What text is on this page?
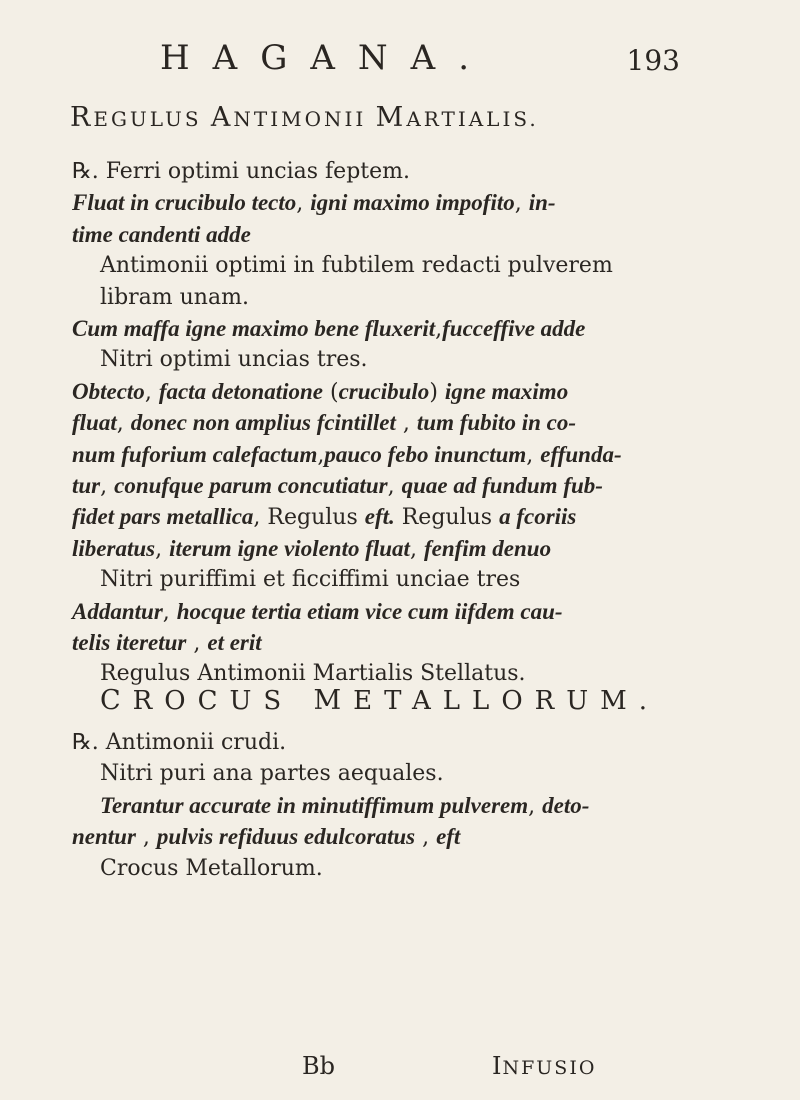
HAGANA.	193
REGULUS ANTIMONII MARTIALIS.
℞. Ferri optimi uncias feptem.
Fluat in crucibulo tecto, igni maximo impofito, in-
time candenti adde
Antimonii optimi in fubtilem redacti pulverem
libram unam.
Cum maffa igne maximo bene fluxerit,fucceffive adde
Nitri optimi uncias tres.
Obtecto, facta detonatione (crucibulo) igne maximo
fluat, donec non amplius fcintillet , tum fubito in co-
num fuforium calefactum,pauco febo inunctum, effunda-
tur, conufque parum concutiatur, quae ad fundum fub-
fidet pars metallica, Regulus eft. Regulus a fcoriis
liberatus, iterum igne violento fluat, fenfim denuo
Nitri puriffimi et ficciffimi unciae tres
Addantur, hocque tertia etiam vice cum iifdem cau-
telis iteretur , et erit
Regulus Antimonii Martialis Stellatus.
CROCUS METALLORUM.
℞. Antimonii crudi.
Nitri puri ana partes aequales.
Terantur accurate in minutiffimum pulverem, deto-
nentur , pulvis refiduus edulcoratus , eft
Crocus Metallorum.
Bb	INFUSIO
